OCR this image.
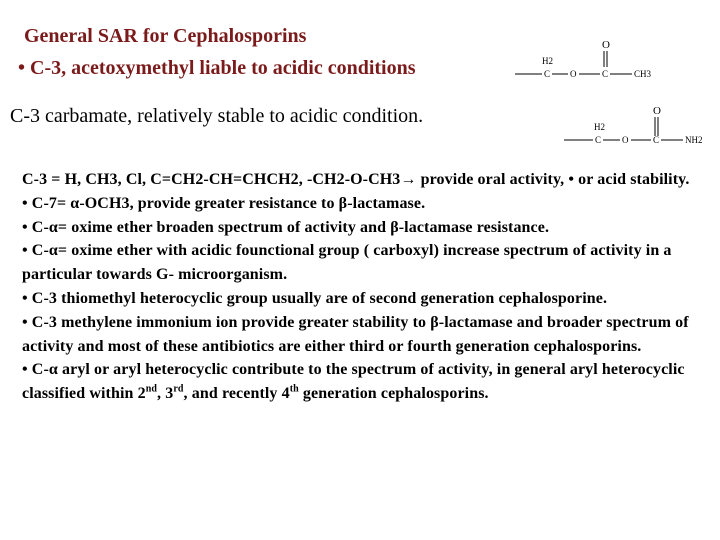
General SAR for Cephalosporins
• C-3, acetoxymethyl liable to acidic conditions	H2
O
C O	C	CH3
C-3 carbamate, relatively stable to acidic condition.	H2
O
C O	C	NH2

C-3 = H, CH3, Cl, C=CH2-CH=CHCH2, -CH2-O-CH3→ provide oral activity, • or acid stability.

• C-7= α-OCH3, provide greater resistance to β-lactamase.

• C-α= oxime ether broaden spectrum of activity and β-lactamase resistance.

• C-α= oxime ether with acidic founctional group ( carboxyl) increase spectrum of activity in a particular towards G- microorganism.

• C-3 thiomethyl heterocyclic group usually are of second generation cephalosporine.

• C-3 methylene immonium ion provide greater stability to β-lactamase and broader spectrum of activity and most of these antibiotics are either third or fourth generation cephalosporins.

• C-α aryl or aryl heterocyclic contribute to the spectrum of activity, in general aryl heterocyclic classified within 2nd, 3rd, and recently 4th generation cephalosporins.
